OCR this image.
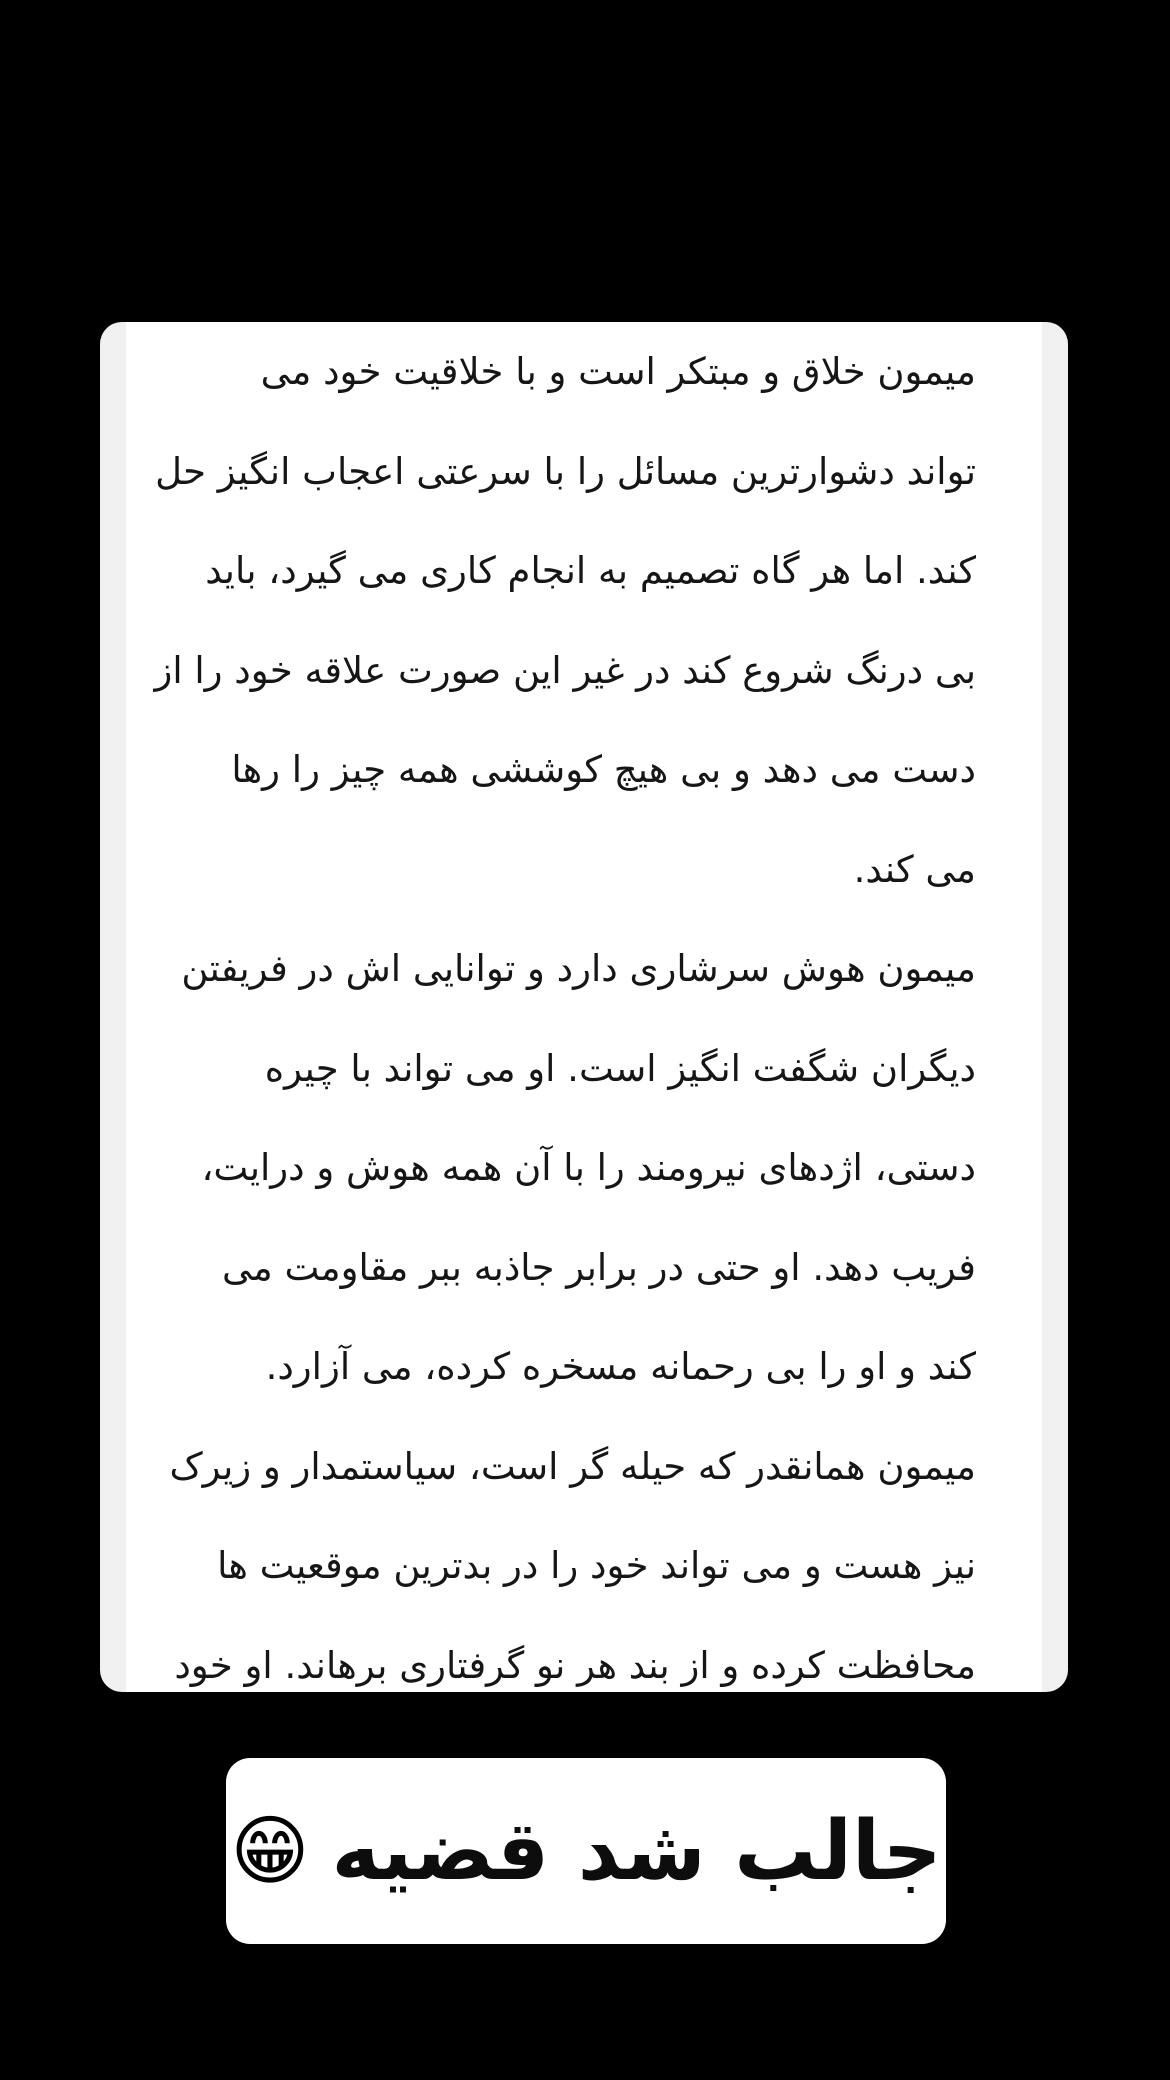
میمون خلاق و مبتکر است و با خلاقیت خود می
تواند دشوارترین مسائل را با سرعتی اعجاب انگیز حل
کند. اما هر گاه تصمیم به انجام کاری می گیرد، باید
بی درنگ شروع کند در غیر این صورت علاقه خود را از
دست می دهد و بی هیچ کوششی همه چیز را رها
می کند.
میمون هوش سرشاری دارد و توانایی اش در فریفتن
دیگران شگفت انگیز است. او می تواند با چیره
دستی، اژدهای نیرومند را با آن همه هوش و درایت،
فریب دهد. او حتی در برابر جاذبه ببر مقاومت می
کند و او را بی رحمانه مسخره کرده، می آزارد.
میمون همانقدر که حیله گر است، سیاستمدار و زیرک
نیز هست و می تواند خود را در بدترین موقعیت ها
محافظت کرده و از بند هر نو گرفتاری برهاند. او خود
جالب شد قضیه
😁
